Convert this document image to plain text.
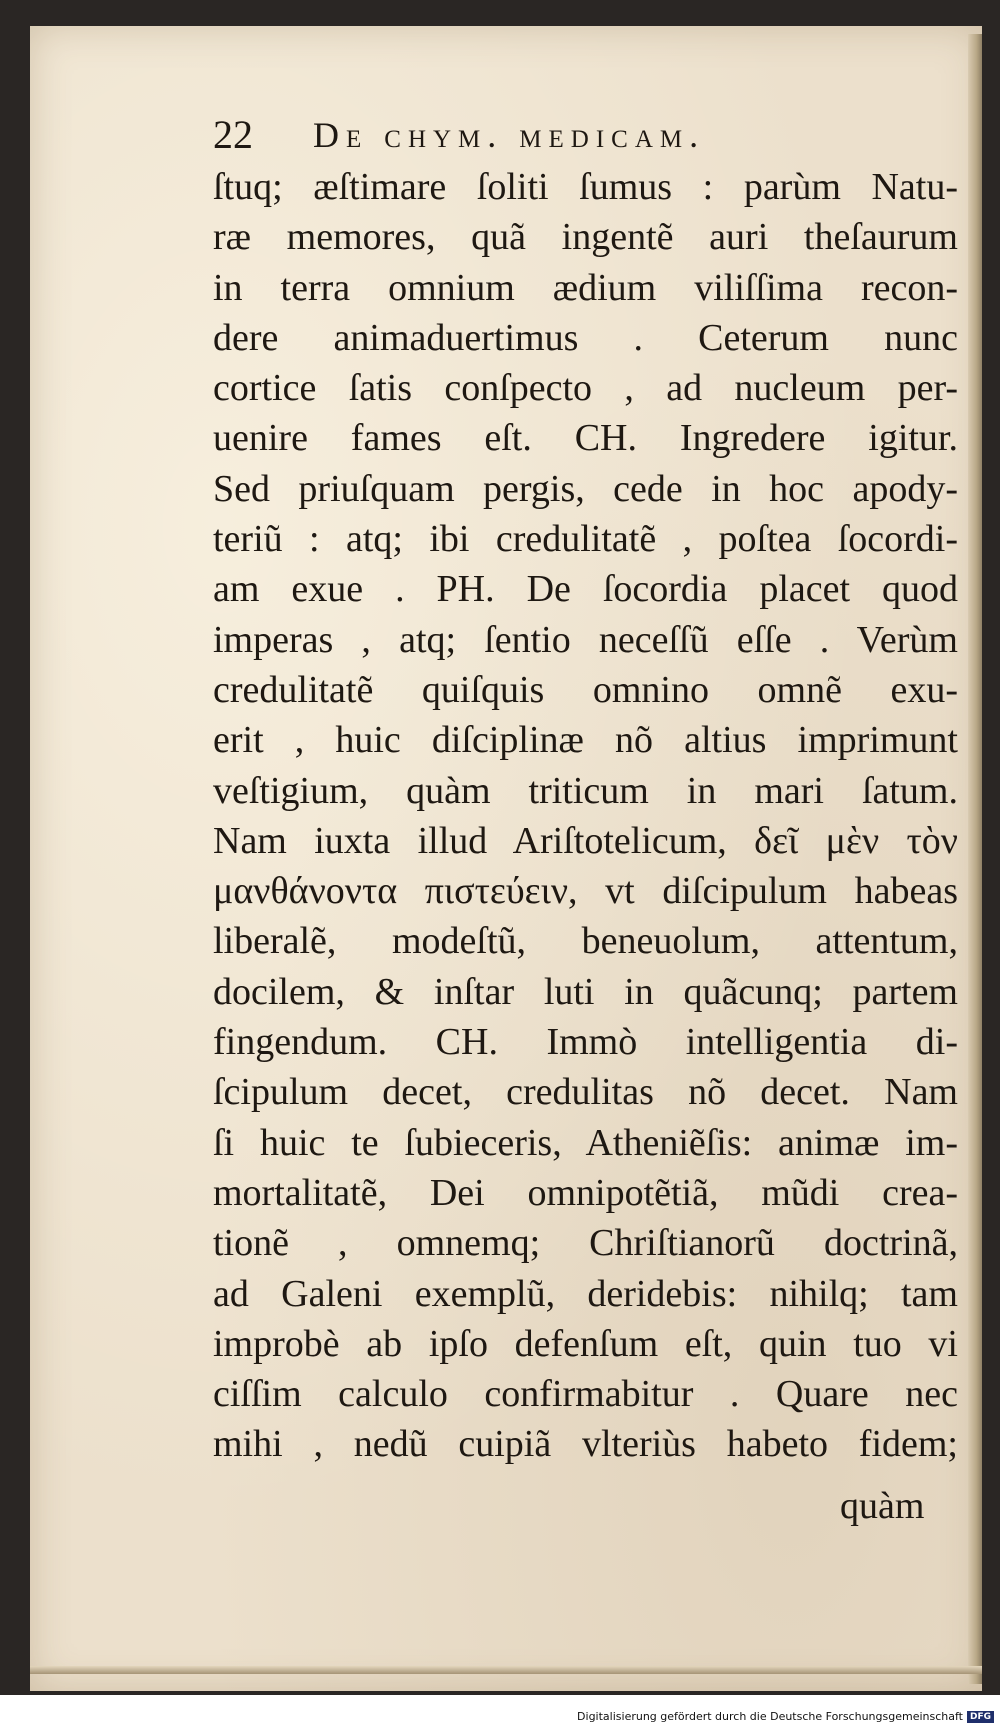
22 De chym. medicam.
ſtuq; æſtimare ſoliti ſumus : parùm Natu-
ræ memores, quã ingentẽ auri theſaurum
in terra omnium ædium viliſſima recon-
dere animaduertimus . Ceterum nunc
cortice ſatis conſpecto , ad nucleum per-
uenire fames eſt. CH. Ingredere igitur.
Sed priuſquam pergis, cede in hoc apody-
teriũ : atq; ibi credulitatẽ , poſtea ſocordi-
am exue . PH. De ſocordia placet quod
imperas , atq; ſentio neceſſũ eſſe . Verùm
credulitatẽ quiſquis omnino omnẽ exu-
erit , huic diſciplinæ nõ altius imprimunt
veſtigium, quàm triticum in mari ſatum.
Nam iuxta illud Ariſtotelicum, δεῖ μὲν τὸν
μανθάνοντα πιστεύειν, vt diſcipulum habeas
liberalẽ, modeſtũ, beneuolum, attentum,
docilem, & inſtar luti in quãcunq; partem
fingendum. CH. Immò intelligentia di-
ſcipulum decet, credulitas nõ decet. Nam
ſi huic te ſubieceris, Atheniẽſis: animæ im-
mortalitatẽ, Dei omnipotẽtiã, mũdi crea-
tionẽ , omnemq; Chriſtianorũ doctrinã,
ad Galeni exemplũ, deridebis: nihilq; tam
improbè ab ipſo defenſum eſt, quin tuo vi
ciſſim calculo confirmabitur . Quare nec
mihi , nedũ cuipiã vlteriùs habeto fidem;
quàm
Digitalisierung gefördert durch die Deutsche Forschungsgemeinschaft DFG
